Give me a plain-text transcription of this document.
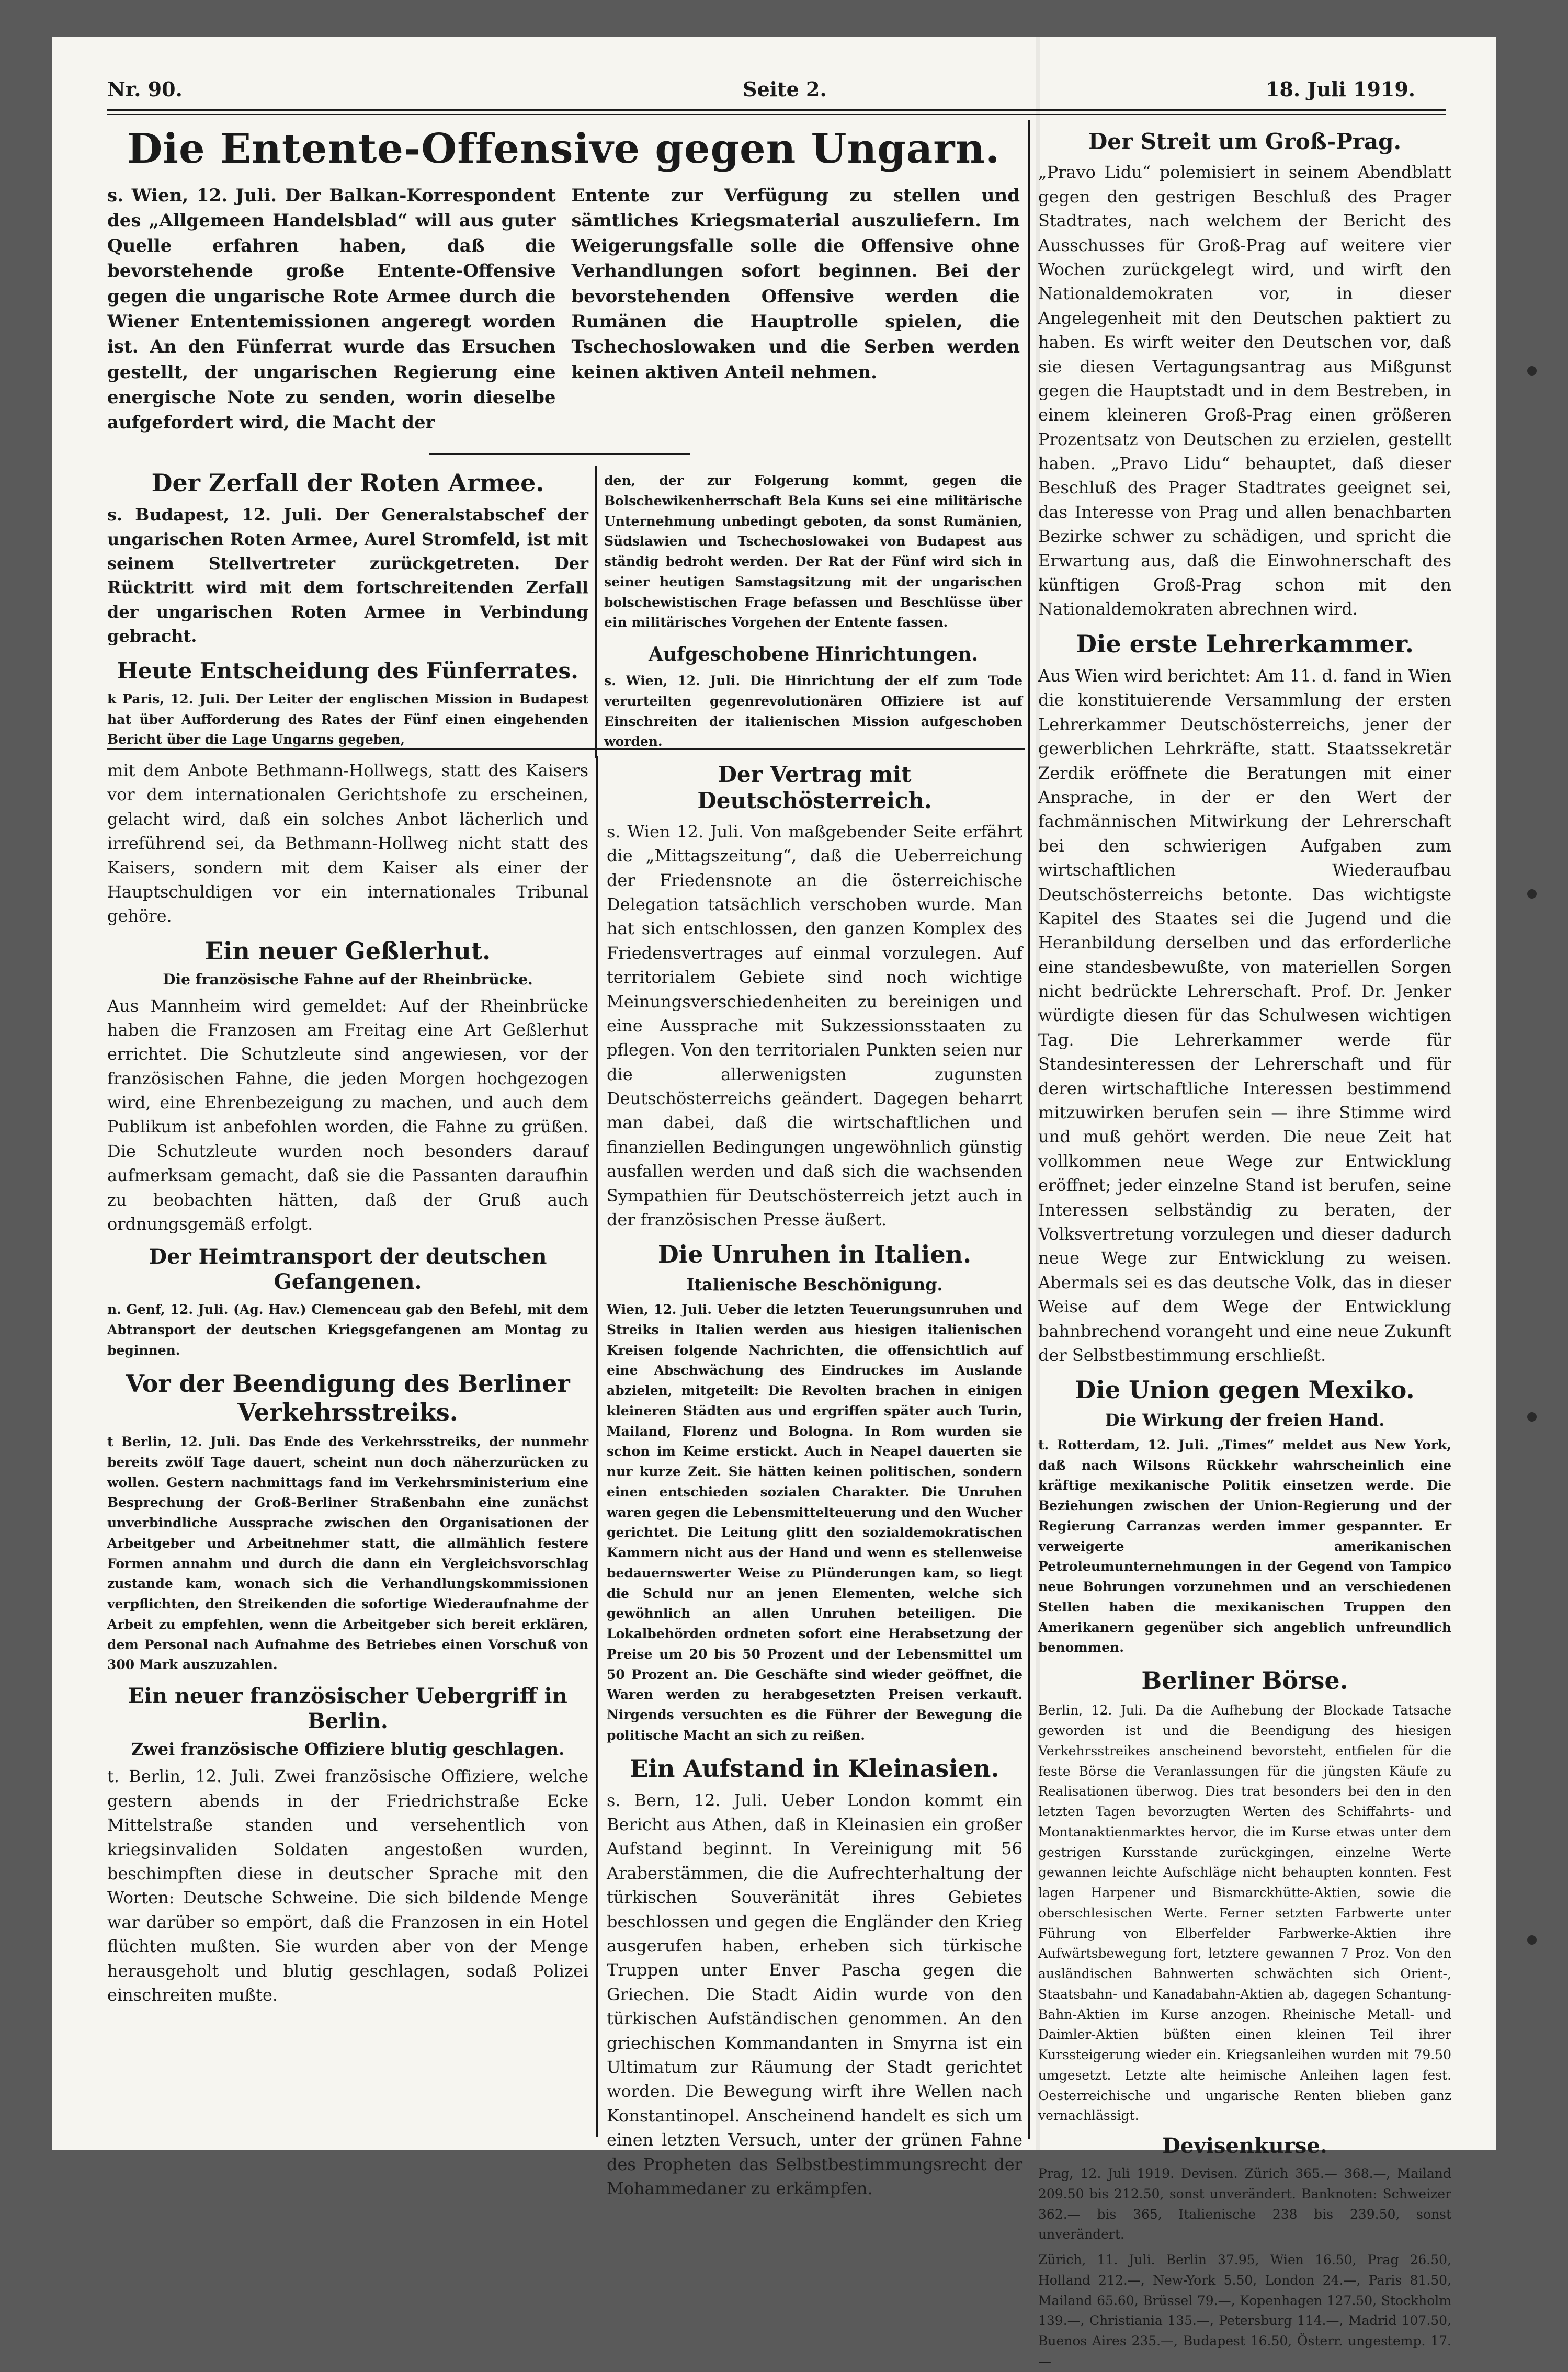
Nr. 90.	Seite 2.	18. Juli 1919.
Die Entente-Offensive gegen Ungarn.

s. Wien, 12. Juli. Der Balkan-Korrespondent des „Allgemeen Handelsblad“ will aus guter Quelle erfahren haben, daß die bevorstehende große Entente-Offensive gegen die ungarische Rote Armee durch die Wiener Ententemissionen angeregt worden ist. An den Fünferrat wurde das Ersuchen gestellt, der ungarischen Regierung eine energische Note zu senden, worin dieselbe aufgefordert wird, die Macht der

Entente zur Verfügung zu stellen und sämtliches Kriegsmaterial auszuliefern. Im Weigerungsfalle solle die Offensive ohne Verhandlungen sofort beginnen. Bei der bevorstehenden Offensive werden die Rumänen die Hauptrolle spielen, die Tschechoslowaken und die Serben werden keinen aktiven Anteil nehmen.

Der Zerfall der Roten Armee.

s. Budapest, 12. Juli. Der Generalstabschef der ungarischen Roten Armee, Aurel Stromfeld, ist mit seinem Stellvertreter zurückgetreten. Der Rücktritt wird mit dem fortschreitenden Zerfall der ungarischen Roten Armee in Verbindung gebracht.

Heute Entscheidung des Fünferrates.

k Paris, 12. Juli. Der Leiter der englischen Mission in Budapest hat über Aufforderung des Rates der Fünf einen eingehenden Bericht über die Lage Ungarns gegeben,

den, der zur Folgerung kommt, gegen die Bolschewikenherrschaft Bela Kuns sei eine militärische Unternehmung unbedingt geboten, da sonst Rumänien, Südslawien und Tschechoslowakei von Budapest aus ständig bedroht werden. Der Rat der Fünf wird sich in seiner heutigen Samstagsitzung mit der ungarischen bolschewistischen Frage befassen und Beschlüsse über ein militärisches Vorgehen der Entente fassen.

Aufgeschobene Hinrichtungen.

s. Wien, 12. Juli. Die Hinrichtung der elf zum Tode verurteilten gegenrevolutionären Offiziere ist auf Einschreiten der italienischen Mission aufgeschoben worden.

mit dem Anbote Bethmann-Hollwegs, statt des Kaisers vor dem internationalen Gerichtshofe zu erscheinen, gelacht wird, daß ein solches Anbot lächerlich und irreführend sei, da Bethmann-Hollweg nicht statt des Kaisers, sondern mit dem Kaiser als einer der Hauptschuldigen vor ein internationales Tribunal gehöre.

Ein neuer Geßlerhut.
Die französische Fahne auf der Rheinbrücke.

Aus Mannheim wird gemeldet: Auf der Rheinbrücke haben die Franzosen am Freitag eine Art Geßlerhut errichtet. Die Schutzleute sind angewiesen, vor der französischen Fahne, die jeden Morgen hochgezogen wird, eine Ehrenbezeigung zu machen, und auch dem Publikum ist anbefohlen worden, die Fahne zu grüßen. Die Schutzleute wurden noch besonders darauf aufmerksam gemacht, daß sie die Passanten daraufhin zu beobachten hätten, daß der Gruß auch ordnungsgemäß erfolgt.

Der Heimtransport der deutschen Gefangenen.

n. Genf, 12. Juli. (Ag. Hav.) Clemenceau gab den Befehl, mit dem Abtransport der deutschen Kriegsgefangenen am Montag zu beginnen.

Vor der Beendigung des Berliner Verkehrsstreiks.

t Berlin, 12. Juli. Das Ende des Verkehrsstreiks, der nunmehr bereits zwölf Tage dauert, scheint nun doch näherzurücken zu wollen. Gestern nachmittags fand im Verkehrsministerium eine Besprechung der Groß-Berliner Straßenbahn eine zunächst unverbindliche Aussprache zwischen den Organisationen der Arbeitgeber und Arbeitnehmer statt, die allmählich festere Formen annahm und durch die dann ein Vergleichsvorschlag zustande kam, wonach sich die Verhandlungskommissionen verpflichten, den Streikenden die sofortige Wiederaufnahme der Arbeit zu empfehlen, wenn die Arbeitgeber sich bereit erklären, dem Personal nach Aufnahme des Betriebes einen Vorschuß von 300 Mark auszuzahlen.

Ein neuer französischer Uebergriff in Berlin.
Zwei französische Offiziere blutig geschlagen.

t. Berlin, 12. Juli. Zwei französische Offiziere, welche gestern abends in der Friedrichstraße Ecke Mittelstraße standen und versehentlich von kriegsinvaliden Soldaten angestoßen wurden, beschimpften diese in deutscher Sprache mit den Worten: Deutsche Schweine. Die sich bildende Menge war darüber so empört, daß die Franzosen in ein Hotel flüchten mußten. Sie wurden aber von der Menge herausgeholt und blutig geschlagen, sodaß Polizei einschreiten mußte.

Der Vertrag mit Deutschösterreich.

s. Wien 12. Juli. Von maßgebender Seite erfährt die „Mittagszeitung“, daß die Ueberreichung der Friedensnote an die österreichische Delegation tatsächlich verschoben wurde. Man hat sich entschlossen, den ganzen Komplex des Friedensvertrages auf einmal vorzulegen. Auf territorialem Gebiete sind noch wichtige Meinungsverschiedenheiten zu bereinigen und eine Aussprache mit Sukzessionsstaaten zu pflegen. Von den territorialen Punkten seien nur die allerwenigsten zugunsten Deutschösterreichs geändert. Dagegen beharrt man dabei, daß die wirtschaftlichen und finanziellen Bedingungen ungewöhnlich günstig ausfallen werden und daß sich die wachsenden Sympathien für Deutschösterreich jetzt auch in der französischen Presse äußert.

Die Unruhen in Italien.
Italienische Beschönigung.

Wien, 12. Juli. Ueber die letzten Teuerungsunruhen und Streiks in Italien werden aus hiesigen italienischen Kreisen folgende Nachrichten, die offensichtlich auf eine Abschwächung des Eindruckes im Auslande abzielen, mitgeteilt: Die Revolten brachen in einigen kleineren Städten aus und ergriffen später auch Turin, Mailand, Florenz und Bologna. In Rom wurden sie schon im Keime erstickt. Auch in Neapel dauerten sie nur kurze Zeit. Sie hätten keinen politischen, sondern einen entschieden sozialen Charakter. Die Unruhen waren gegen die Lebensmittelteuerung und den Wucher gerichtet. Die Leitung glitt den sozialdemokratischen Kammern nicht aus der Hand und wenn es stellenweise bedauernswerter Weise zu Plünderungen kam, so liegt die Schuld nur an jenen Elementen, welche sich gewöhnlich an allen Unruhen beteiligen. Die Lokalbehörden ordneten sofort eine Herabsetzung der Preise um 20 bis 50 Prozent und der Lebensmittel um 50 Prozent an. Die Geschäfte sind wieder geöffnet, die Waren werden zu herabgesetzten Preisen verkauft. Nirgends versuchten es die Führer der Bewegung die politische Macht an sich zu reißen.

Ein Aufstand in Kleinasien.

s. Bern, 12. Juli. Ueber London kommt ein Bericht aus Athen, daß in Kleinasien ein großer Aufstand beginnt. In Vereinigung mit 56 Araberstämmen, die die Aufrechterhaltung der türkischen Souveränität ihres Gebietes beschlossen und gegen die Engländer den Krieg ausgerufen haben, erheben sich türkische Truppen unter Enver Pascha gegen die Griechen. Die Stadt Aidin wurde von den türkischen Aufständischen genommen. An den griechischen Kommandanten in Smyrna ist ein Ultimatum zur Räumung der Stadt gerichtet worden. Die Bewegung wirft ihre Wellen nach Konstantinopel. Anscheinend handelt es sich um einen letzten Versuch, unter der grünen Fahne des Propheten das Selbstbestimmungsrecht der Mohammedaner zu erkämpfen.

Der Streit um Groß-Prag.

„Pravo Lidu“ polemisiert in seinem Abendblatt gegen den gestrigen Beschluß des Prager Stadtrates, nach welchem der Bericht des Ausschusses für Groß-Prag auf weitere vier Wochen zurückgelegt wird, und wirft den Nationaldemokraten vor, in dieser Angelegenheit mit den Deutschen paktiert zu haben. Es wirft weiter den Deutschen vor, daß sie diesen Vertagungsantrag aus Mißgunst gegen die Hauptstadt und in dem Bestreben, in einem kleineren Groß-Prag einen größeren Prozentsatz von Deutschen zu erzielen, gestellt haben. „Pravo Lidu“ behauptet, daß dieser Beschluß des Prager Stadtrates geeignet sei, das Interesse von Prag und allen benachbarten Bezirke schwer zu schädigen, und spricht die Erwartung aus, daß die Einwohnerschaft des künftigen Groß-Prag schon mit den Nationaldemokraten abrechnen wird.

Die erste Lehrerkammer.

Aus Wien wird berichtet: Am 11. d. fand in Wien die konstituierende Versammlung der ersten Lehrerkammer Deutschösterreichs, jener der gewerblichen Lehrkräfte, statt. Staatssekretär Zerdik eröffnete die Beratungen mit einer Ansprache, in der er den Wert der fachmännischen Mitwirkung der Lehrerschaft bei den schwierigen Aufgaben zum wirtschaftlichen Wiederaufbau Deutschösterreichs betonte. Das wichtigste Kapitel des Staates sei die Jugend und die Heranbildung derselben und das erforderliche eine standesbewußte, von materiellen Sorgen nicht bedrückte Lehrerschaft. Prof. Dr. Jenker würdigte diesen für das Schulwesen wichtigen Tag. Die Lehrerkammer werde für Standesinteressen der Lehrerschaft und für deren wirtschaftliche Interessen bestimmend mitzuwirken berufen sein — ihre Stimme wird und muß gehört werden. Die neue Zeit hat vollkommen neue Wege zur Entwicklung eröffnet; jeder einzelne Stand ist berufen, seine Interessen selbständig zu beraten, der Volksvertretung vorzulegen und dieser dadurch neue Wege zur Entwicklung zu weisen. Abermals sei es das deutsche Volk, das in dieser Weise auf dem Wege der Entwicklung bahnbrechend vorangeht und eine neue Zukunft der Selbstbestimmung erschließt.

Die Union gegen Mexiko.
Die Wirkung der freien Hand.

t. Rotterdam, 12. Juli. „Times“ meldet aus New York, daß nach Wilsons Rückkehr wahrscheinlich eine kräftige mexikanische Politik einsetzen werde. Die Beziehungen zwischen der Union-Regierung und der Regierung Carranzas werden immer gespannter. Er verweigerte amerikanischen Petroleumunternehmungen in der Gegend von Tampico neue Bohrungen vorzunehmen und an verschiedenen Stellen haben die mexikanischen Truppen den Amerikanern gegenüber sich angeblich unfreundlich benommen.

Berliner Börse.

Berlin, 12. Juli. Da die Aufhebung der Blockade Tatsache geworden ist und die Beendigung des hiesigen Verkehrsstreikes anscheinend bevorsteht, entfielen für die feste Börse die Veranlassungen für die jüngsten Käufe zu Realisationen überwog. Dies trat besonders bei den in den letzten Tagen bevorzugten Werten des Schiffahrts- und Montanaktienmarktes hervor, die im Kurse etwas unter dem gestrigen Kursstande zurückgingen, einzelne Werte gewannen leichte Aufschläge nicht behaupten konnten. Fest lagen Harpener und Bismarckhütte-Aktien, sowie die oberschlesischen Werte. Ferner setzten Farbwerte unter Führung von Elberfelder Farbwerke-Aktien ihre Aufwärtsbewegung fort, letztere gewannen 7 Proz. Von den ausländischen Bahnwerten schwächten sich Orient-, Staatsbahn- und Kanadabahn-Aktien ab, dagegen Schantung-Bahn-Aktien im Kurse anzogen. Rheinische Metall- und Daimler-Aktien büßten einen kleinen Teil ihrer Kurssteigerung wieder ein. Kriegsanleihen wurden mit 79.50 umgesetzt. Letzte alte heimische Anleihen lagen fest. Oesterreichische und ungarische Renten blieben ganz vernachlässigt.

Devisenkurse.

Prag, 12. Juli 1919. Devisen. Zürich 365.— 368.—, Mailand 209.50 bis 212.50, sonst unverändert. Banknoten: Schweizer 362.— bis 365, Italienische 238 bis 239.50, sonst unverändert.

Zürich, 11. Juli. Berlin 37.95, Wien 16.50, Prag 26.50, Holland 212.—, New-York 5.50, London 24.—, Paris 81.50, Mailand 65.60, Brüssel 79.—, Kopenhagen 127.50, Stockholm 139.—, Christiania 135.—, Petersburg 114.—, Madrid 107.50, Buenos Aires 235.—, Budapest 16.50, Österr. ungestemp. 17.—
